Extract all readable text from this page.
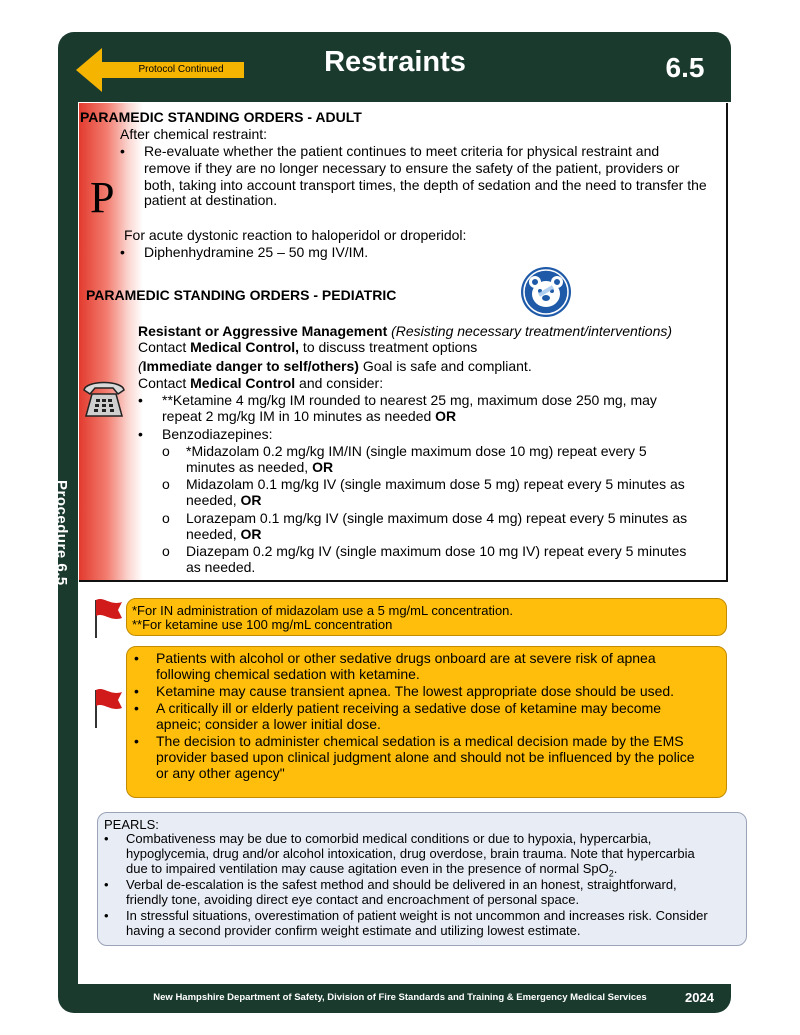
Protocol Continued	Restraints	6.5
Procedure 6.5
PARAMEDIC STANDING ORDERS - ADULT
After chemical restraint:
• Re-evaluate whether the patient continues to meet criteria for physical restraint and
remove if they are no longer necessary to ensure the safety of the patient, providers or
both, taking into account transport times, the depth of sedation and the need to transfer the
patient at destination.
P
For acute dystonic reaction to haloperidol or droperidol:
• Diphenhydramine 25 – 50 mg IV/IM.
PARAMEDIC STANDING ORDERS - PEDIATRIC
Resistant or Aggressive Management (Resisting necessary treatment/interventions)
Contact Medical Control, to discuss treatment options
(Immediate danger to self/others) Goal is safe and compliant.
Contact Medical Control and consider:
• **Ketamine 4 mg/kg IM rounded to nearest 25 mg, maximum dose 250 mg, may
repeat 2 mg/kg IM in 10 minutes as needed OR
• Benzodiazepines:
o *Midazolam 0.2 mg/kg IM/IN (single maximum dose 10 mg) repeat every 5
minutes as needed, OR
o Midazolam 0.1 mg/kg IV (single maximum dose 5 mg) repeat every 5 minutes as
needed, OR
o Lorazepam 0.1 mg/kg IV (single maximum dose 4 mg) repeat every 5 minutes as
needed, OR
o Diazepam 0.2 mg/kg IV (single maximum dose 10 mg IV) repeat every 5 minutes
as needed.
*For IN administration of midazolam use a 5 mg/mL concentration.
**For ketamine use 100 mg/mL concentration
• Patients with alcohol or other sedative drugs onboard are at severe risk of apnea
following chemical sedation with ketamine.
• Ketamine may cause transient apnea. The lowest appropriate dose should be used.
• A critically ill or elderly patient receiving a sedative dose of ketamine may become
apneic; consider a lower initial dose.
• The decision to administer chemical sedation is a medical decision made by the EMS
provider based upon clinical judgment alone and should not be influenced by the police
or any other agency"
PEARLS:
• Combativeness may be due to comorbid medical conditions or due to hypoxia, hypercarbia,
hypoglycemia, drug and/or alcohol intoxication, drug overdose, brain trauma. Note that hypercarbia
due to impaired ventilation may cause agitation even in the presence of normal SpO$_2$.
• Verbal de-escalation is the safest method and should be delivered in an honest, straightforward,
friendly tone, avoiding direct eye contact and encroachment of personal space.
• In stressful situations, overestimation of patient weight is not uncommon and increases risk. Consider
having a second provider confirm weight estimate and utilizing lowest estimate.
New Hampshire Department of Safety, Division of Fire Standards and Training & Emergency Medical Services	2024
